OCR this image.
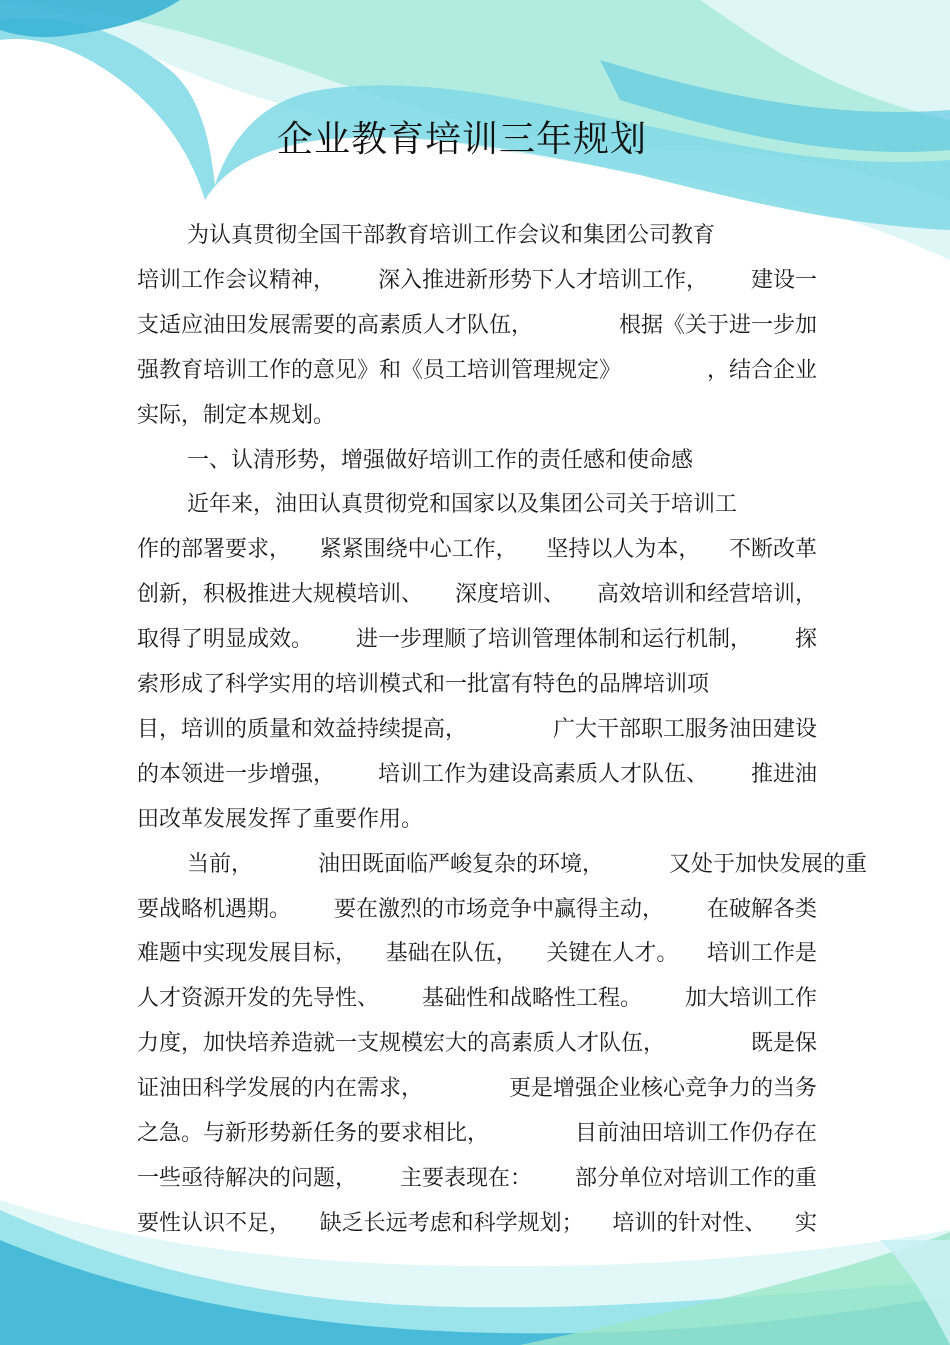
企业教育培训三年规划
为认真贯彻全国干部教育培训工作会议和集团公司教育
培训工作会议精神， 深入推进新形势下人才培训工作， 建设一
支适应油田发展需要的高素质人才队伍，	根据《关于进一步加
强教育培训工作的意见》和《员工培训管理规定》	，结合企业
实际，制定本规划。
一、认清形势，增强做好培训工作的责任感和使命感
近年来，油田认真贯彻党和国家以及集团公司关于培训工
作的部署要求， 紧紧围绕中心工作， 坚持以人为本， 不断改革
创新，积极推进大规模培训、 深度培训、 高效培训和经营培训，
取得了明显成效。 进一步理顺了培训管理体制和运行机制， 探
索形成了科学实用的培训模式和一批富有特色的品牌培训项
目，培训的质量和效益持续提高，	广大干部职工服务油田建设
的本领进一步增强， 培训工作为建设高素质人才队伍、 推进油
田改革发展发挥了重要作用。
当前，	油田既面临严峻复杂的环境，	又处于加快发展的重
要战略机遇期。 要在激烈的市场竞争中赢得主动， 在破解各类
难题中实现发展目标， 基础在队伍， 关键在人才。 培训工作是
人才资源开发的先导性、 基础性和战略性工程。 加大培训工作
力度，加快培养造就一支规模宏大的高素质人才队伍，	既是保
证油田科学发展的内在需求，	更是增强企业核心竞争力的当务
之急。与新形势新任务的要求相比，	目前油田培训工作仍存在
一些亟待解决的问题， 主要表现在： 部分单位对培训工作的重
要性认识不足， 缺乏长远考虑和科学规划； 培训的针对性、 实
